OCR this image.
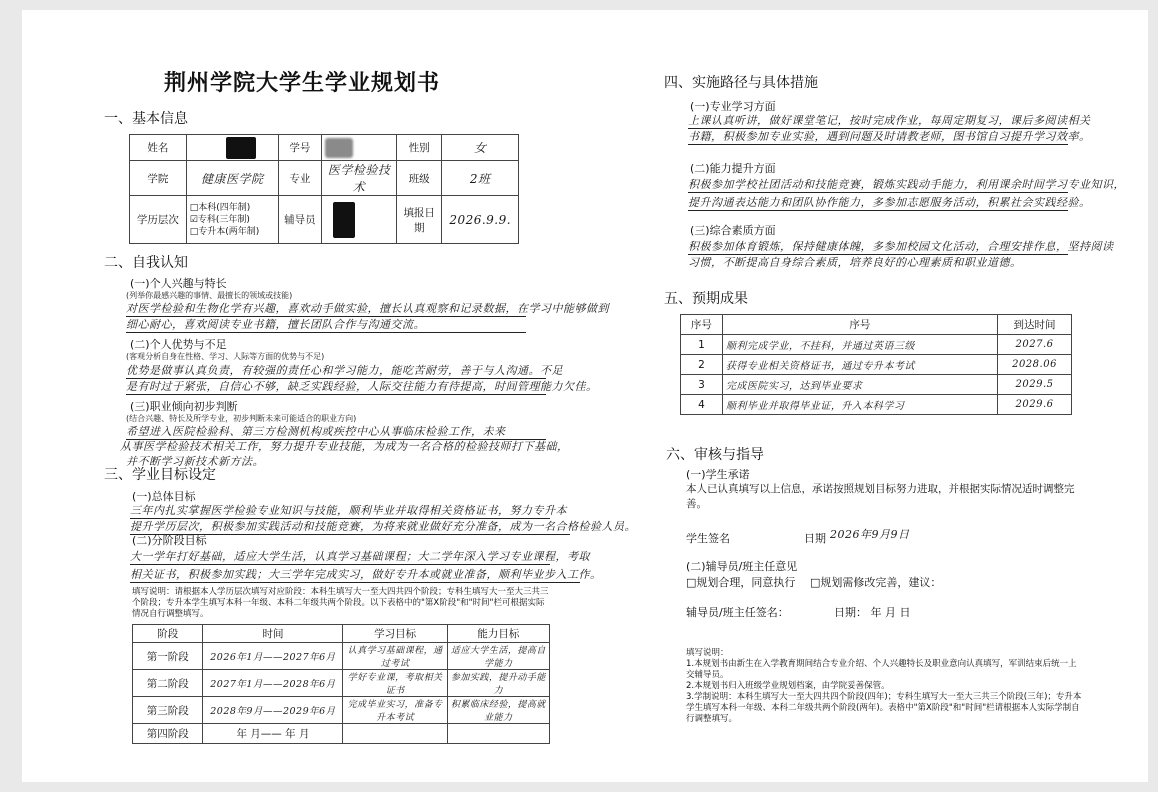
荆州学院大学生学业规划书
一、基本信息
姓名		学号		性别	女
学院	健康医学院	专业	医学检验技术	班级	2班
学历层次	□本科(四年制)
☑专科(三年制)
□专升本(两年制)	辅导员		填报日期	2026.9.9.
二、自我认知
(一)个人兴趣与特长
(列举你最感兴趣的事情、最擅长的领域或技能)
对医学检验和生物化学有兴趣，喜欢动手做实验，擅长认真观察和记录数据，在学习中能够做到
细心耐心，喜欢阅读专业书籍，擅长团队合作与沟通交流。
(二)个人优势与不足
(客观分析自身在性格、学习、人际等方面的优势与不足)
优势是做事认真负责，有较强的责任心和学习能力，能吃苦耐劳，善于与人沟通。不足
是有时过于紧张，自信心不够，缺乏实践经验，人际交往能力有待提高，时间管理能力欠佳。
(三)职业倾向初步判断
(结合兴趣、特长及所学专业，初步判断未来可能适合的职业方向)
希望进入医院检验科、第三方检测机构或疾控中心从事临床检验工作，未来
从事医学检验技术相关工作，努力提升专业技能，为成为一名合格的检验技师打下基础，
并不断学习新技术新方法。
三、学业目标设定
(一)总体目标
三年内扎实掌握医学检验专业知识与技能，顺利毕业并取得相关资格证书，努力专升本
提升学历层次，积极参加实践活动和技能竞赛，为将来就业做好充分准备，成为一名合格检验人员。
(二)分阶段目标
大一学年打好基础，适应大学生活，认真学习基础课程；大二学年深入学习专业课程，考取
相关证书，积极参加实践；大三学年完成实习，做好专升本或就业准备，顺利毕业步入工作。
填写说明：请根据本人学历层次填写对应阶段：本科生填写大一至大四共四个阶段；专科生填写大一至大三共三个阶段；专升本学生填写本科一年级、本科二年级共两个阶段。以下表格中的"第X阶段"和"时间"栏可根据实际情况自行调整填写。
阶段	时间	学习目标	能力目标
第一阶段	2026年1月——2027年6月	认真学习基础课程，通过考试	适应大学生活，提高自学能力
第二阶段	2027年1月——2028年6月	学好专业课，考取相关证书	参加实践，提升动手能力
第三阶段	2028年9月——2029年6月	完成毕业实习，准备专升本考试	积累临床经验，提高就业能力
第四阶段	年 月—— 年 月		
四、实施路径与具体措施
(一)专业学习方面
上课认真听讲，做好课堂笔记，按时完成作业，每周定期复习，课后多阅读相关
书籍，积极参加专业实验，遇到问题及时请教老师，图书馆自习提升学习效率。
(二)能力提升方面
积极参加学校社团活动和技能竞赛，锻炼实践动手能力，利用课余时间学习专业知识，
提升沟通表达能力和团队协作能力，多参加志愿服务活动，积累社会实践经验。
(三)综合素质方面
积极参加体育锻炼，保持健康体魄，多参加校园文化活动，合理安排作息，坚持阅读
习惯，不断提高自身综合素质，培养良好的心理素质和职业道德。
五、预期成果
序号	序号	到达时间
1	顺利完成学业，不挂科，并通过英语三级	2027.6
2	获得专业相关资格证书，通过专升本考试	2028.06
3	完成医院实习，达到毕业要求	2029.5
4	顺利毕业并取得毕业证，升入本科学习	2029.6
六、审核与指导
(一)学生承诺
本人已认真填写以上信息，承诺按照规划目标努力进取，并根据实际情况适时调整完善。
学生签名	日期 2026年9月9日
(二)辅导员/班主任意见
□规划合理，同意执行 □规划需修改完善，建议：
辅导员/班主任签名：	日期： 年 月 日
填写说明：
1.本规划书由新生在入学教育期间结合专业介绍、个人兴趣特长及职业意向认真填写，军训结束后统一上交辅导员。
2.本规划书归入班级学业规划档案，由学院妥善保管。
3.学制说明：本科生填写大一至大四共四个阶段(四年)；专科生填写大一至大三共三个阶段(三年)；专升本学生填写本科一年级、本科二年级共两个阶段(两年)。表格中"第X阶段"和"时间"栏请根据本人实际学制自行调整填写。
